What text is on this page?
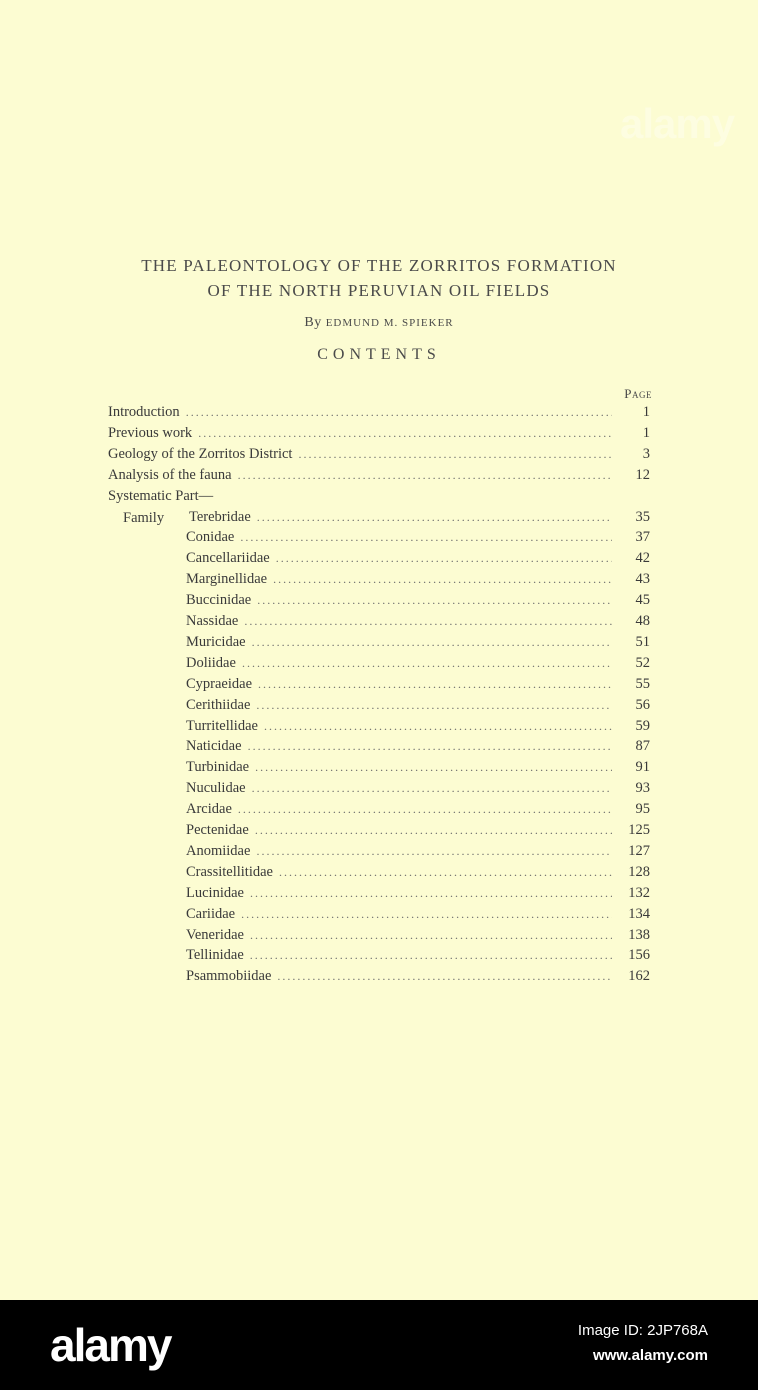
THE PALEONTOLOGY OF THE ZORRITOS FORMATION
OF THE NORTH PERUVIAN OIL FIELDS
By EDMUND M. SPIEKER
CONTENTS
Page
alamy
Introduction .....	1
Previous work .....	1
Geology of the Zorritos District .....	3
Analysis of the fauna .....	12
Systematic Part—
Terebridae .....	35
Conidae .....	37
Cancellariidae .....	42
Marginellidae .....	43
Buccinidae .....	45
Nassidae .....	48
Muricidae .....	51
Doliidae .....	52
Cypraeidae .....	55
Cerithiidae .....	56
Turritellidae .....	59
Naticidae .....	87
Turbinidae .....	91
Nuculidae .....	93
Arcidae .....	95
Pectenidae .....	125
Anomiidae .....	127
Crassitellitidae .....	128
Lucinidae .....	132
Cariidae .....	134
Veneridae .....	138
Tellinidae .....	156
Psammobiidae .....	162
Family
alamy	Image ID: 2JP768A
www.alamy.com
